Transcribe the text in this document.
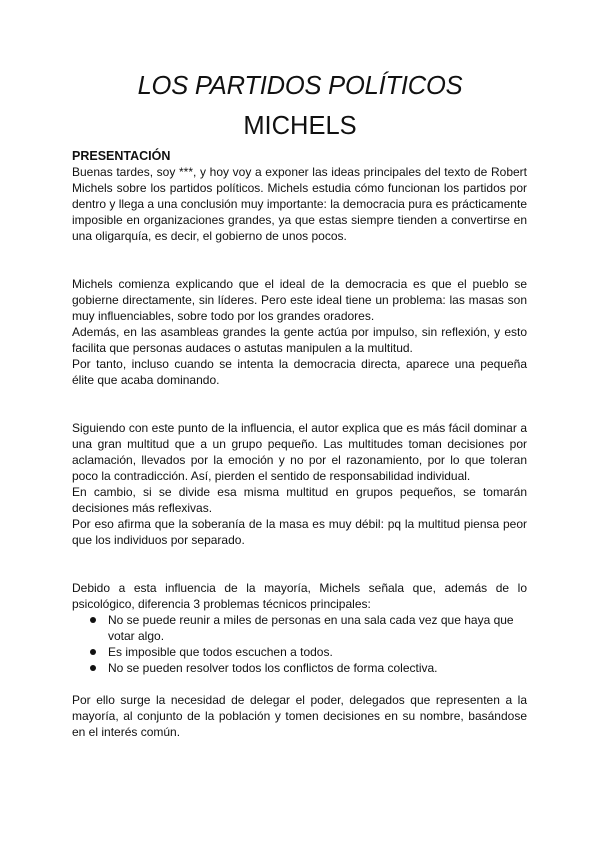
LOS PARTIDOS POLÍTICOS
MICHELS
PRESENTACIÓN

Buenas tardes, soy ***, y hoy voy a exponer las ideas principales del texto de Robert Michels sobre los partidos políticos. Michels estudia cómo funcionan los partidos por dentro y llega a una conclusión muy importante: la democracia pura es prácticamente imposible en organizaciones grandes, ya que estas siempre tienden a convertirse en una oligarquía, es decir, el gobierno de unos pocos.

Michels comienza explicando que el ideal de la democracia es que el pueblo se gobierne directamente, sin líderes. Pero este ideal tiene un problema: las masas son muy influenciables, sobre todo por los grandes oradores.

Además, en las asambleas grandes la gente actúa por impulso, sin reflexión, y esto facilita que personas audaces o astutas manipulen a la multitud.

Por tanto, incluso cuando se intenta la democracia directa, aparece una pequeña élite que acaba dominando.

Siguiendo con este punto de la influencia, el autor explica que es más fácil dominar a una gran multitud que a un grupo pequeño. Las multitudes toman decisiones por aclamación, llevados por la emoción y no por el razonamiento, por lo que toleran poco la contradicción. Así, pierden el sentido de responsabilidad individual.

En cambio, si se divide esa misma multitud en grupos pequeños, se tomarán decisiones más reflexivas.

Por eso afirma que la soberanía de la masa es muy débil: pq la multitud piensa peor que los individuos por separado.

Debido a esta influencia de la mayoría, Michels señala que, además de lo psicológico, diferencia 3 problemas técnicos principales:

No se puede reunir a miles de personas en una sala cada vez que haya que votar algo.
Es imposible que todos escuchen a todos.
No se pueden resolver todos los conflictos de forma colectiva.

Por ello surge la necesidad de delegar el poder, delegados que representen a la mayoría, al conjunto de la población y tomen decisiones en su nombre, basándose en el interés común.
